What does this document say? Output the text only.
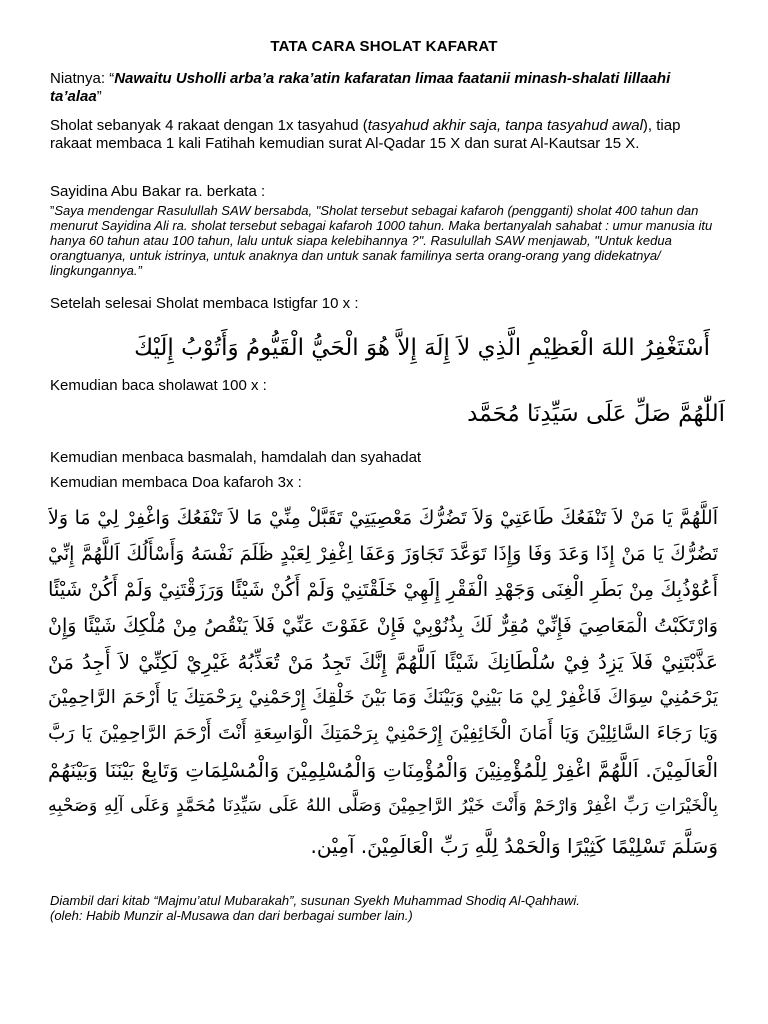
TATA CARA SHOLAT KAFARAT
Niatnya: “Nawaitu Usholli arba’a raka’atin kafaratan limaa faatanii minash-shalati lillaahi ta’alaa”
Sholat sebanyak 4 rakaat dengan 1x tasyahud (tasyahud akhir saja, tanpa tasyahud awal), tiap rakaat membaca 1 kali Fatihah kemudian surat Al-Qadar 15 X dan surat Al-Kautsar 15 X.
Sayidina Abu Bakar ra. berkata :
”Saya mendengar Rasulullah SAW bersabda, "Sholat tersebut sebagai kafaroh (pengganti) sholat 400 tahun dan menurut Sayidina Ali ra. sholat tersebut sebagai kafaroh 1000 tahun. Maka bertanyalah sahabat : umur manusia itu hanya 60 tahun atau 100 tahun, lalu untuk siapa kelebihannya ?". Rasulullah SAW menjawab, "Untuk kedua orangtuanya, untuk istrinya, untuk anaknya dan untuk sanak familinya serta orang-orang yang didekatnya/ lingkungannya.”
Setelah selesai Sholat membaca Istigfar 10 x :
أَسْتَغْفِرُ اللهَ الْعَظِيْمِ الَّذِي لاَ إِلَهَ إِلاَّ هُوَ الْحَيُّ الْقَيُّومُ وَأَتُوْبُ إِلَيْكَ
Kemudian baca sholawat 100 x :
اَللّٰهُمَّ صَلِّ عَلَى سَيِّدِنَا مُحَمَّد
Kemudian menbaca basmalah, hamdalah dan syahadat
Kemudian membaca Doa kafaroh 3x :
اَللَّهُمَّ يَا مَنْ لاَ تَنْفَعُكَ طَاعَتِيْ وَلاَ تَضُرُّكَ مَعْصِيَتِيْ تَقَبَّلْ مِنِّيْ مَا لاَ تَنْفَعُكَ وَاغْفِرْ لِيْ مَا وَلاَ
تَضُرُّكَ يَا مَنْ إِذَا وَعَدَ وَفَا وَإِذَا تَوَعَّدَ تَجَاوَزَ وَعَفَا اِغْفِرْ لِعَبْدٍ ظَلَمَ نَفْسَهُ وَأَسْأَلُكَ اَللَّهُمَّ إِنِّيْ
أَعُوْذُبِكَ مِنْ بَطَرِ الْغِنَى وَجَهْدِ الْفَقْرِ إِلَهِيْ خَلَقْتَنِيْ وَلَمْ أَكُنْ شَيْئًا وَرَزَقْتَنِيْ وَلَمْ أَكُنْ شَيْئًا
وَارْتَكَبْتُ الْمَعَاصِيَ فَإِنِّيْ مُقِرٌّ لَكَ بِذُنُوْبِيْ فَإِنْ عَفَوْتَ عَنِّيْ فَلاَ يَنْقُصُ مِنْ مُلْكِكَ شَيْئًا وَإِنْ
عَذَّبْتَنِيْ فَلاَ يَزِدُ فِيْ سُلْطَانِكَ شَيْئًا اَللَّهُمَّ إِنَّكَ تَجِدُ مَنْ تُعَذِّبُهُ غَيْرِيْ لَكِنِّيْ لاَ أَجِدُ مَنْ
يَرْحَمُنِيْ سِوَاكَ فَاغْفِرْ لِيْ مَا بَيْنِيْ وَبَيْنَكَ وَمَا بَيْنَ خَلْقِكَ إِرْحَمْنِيْ بِرَحْمَتِكَ يَا أَرْحَمَ الرَّاحِمِيْنَ
وَيَا رَجَاءَ السَّائِلِيْنَ وَيَا أَمَانَ الْخَائِفِيْنَ إِرْحَمْنِيْ بِرَحْمَتِكَ الْوَاسِعَةِ أَنْتَ أَرْحَمَ الرَّاحِمِيْنَ يَا رَبَّ
الْعَالَمِيْنَ. اَللَّهُمَّ اغْفِرْ لِلْمُؤْمِنِيْنَ وَالْمُؤْمِنَاتِ وَالْمُسْلِمِيْنَ وَالْمُسْلِمَاتِ وَتَابِعْ بَيْنَنَا وَبَيْنَهُمْ
بِالْخَيْرَاتِ رَبِّ اغْفِرْ وَارْحَمْ وَأَنْتَ خَيْرُ الرَّاحِمِيْنَ وَصَلَّى اللهُ عَلَى سَيِّدِنَا مُحَمَّدٍ وَعَلَى آلِهِ وَصَحْبِهِ
وَسَلَّمَ تَسْلِيْمًا كَثِيْرًا وَالْحَمْدُ لِلَّهِ رَبِّ الْعَالَمِيْنَ. آمِيْن.
Diambil dari kitab “Majmu’atul Mubarakah”, susunan Syekh Muhammad Shodiq Al-Qahhawi.
(oleh: Habib Munzir al-Musawa dan dari berbagai sumber lain.)
